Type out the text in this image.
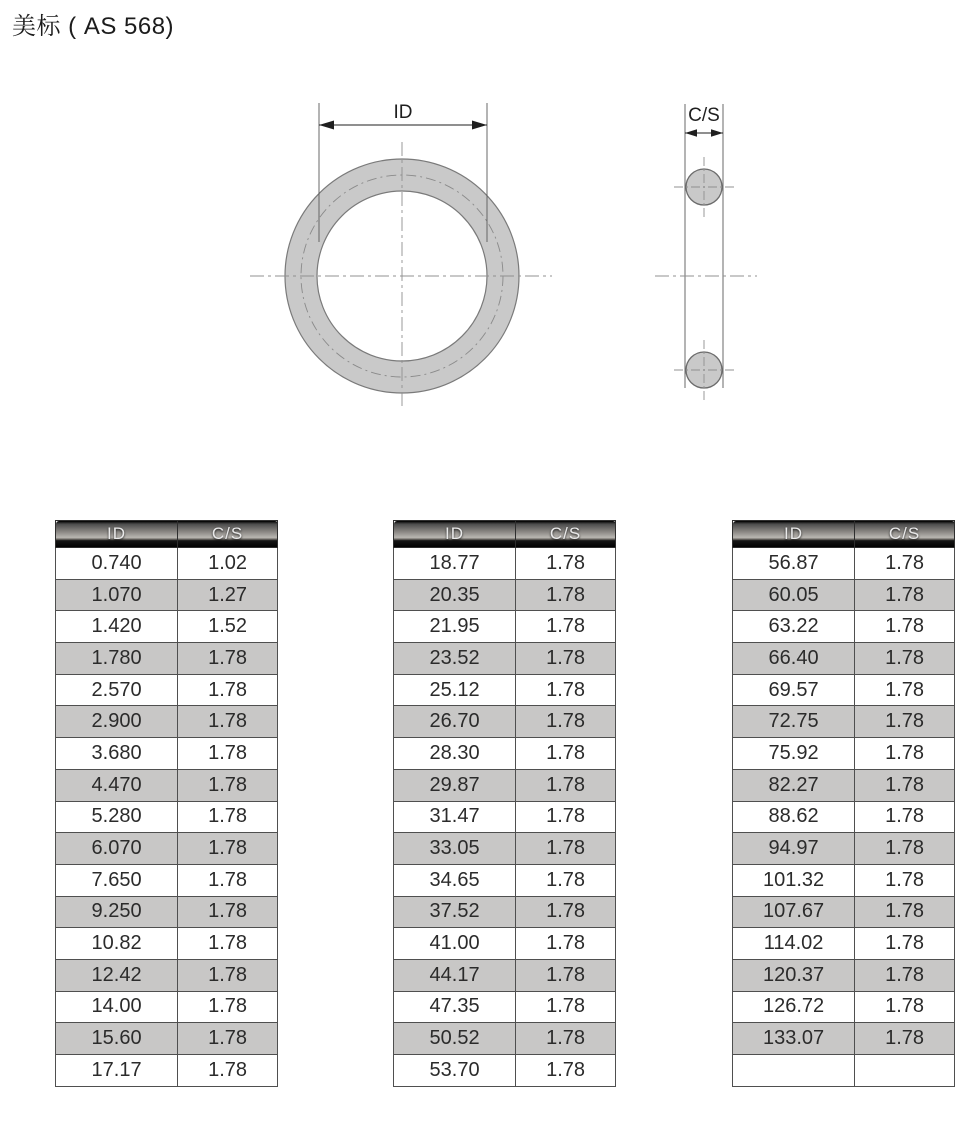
美标 ( AS 568)
ID	C/S
ID	C/S
0.740	1.02
1.070	1.27
1.420	1.52
1.780	1.78
2.570	1.78
2.900	1.78
3.680	1.78
4.470	1.78
5.280	1.78
6.070	1.78
7.650	1.78
9.250	1.78
10.82	1.78
12.42	1.78
14.00	1.78
15.60	1.78
17.17	1.78
ID	C/S
18.77	1.78
20.35	1.78
21.95	1.78
23.52	1.78
25.12	1.78
26.70	1.78
28.30	1.78
29.87	1.78
31.47	1.78
33.05	1.78
34.65	1.78
37.52	1.78
41.00	1.78
44.17	1.78
47.35	1.78
50.52	1.78
53.70	1.78
ID	C/S
56.87	1.78
60.05	1.78
63.22	1.78
66.40	1.78
69.57	1.78
72.75	1.78
75.92	1.78
82.27	1.78
88.62	1.78
94.97	1.78
101.32	1.78
107.67	1.78
114.02	1.78
120.37	1.78
126.72	1.78
133.07	1.78
